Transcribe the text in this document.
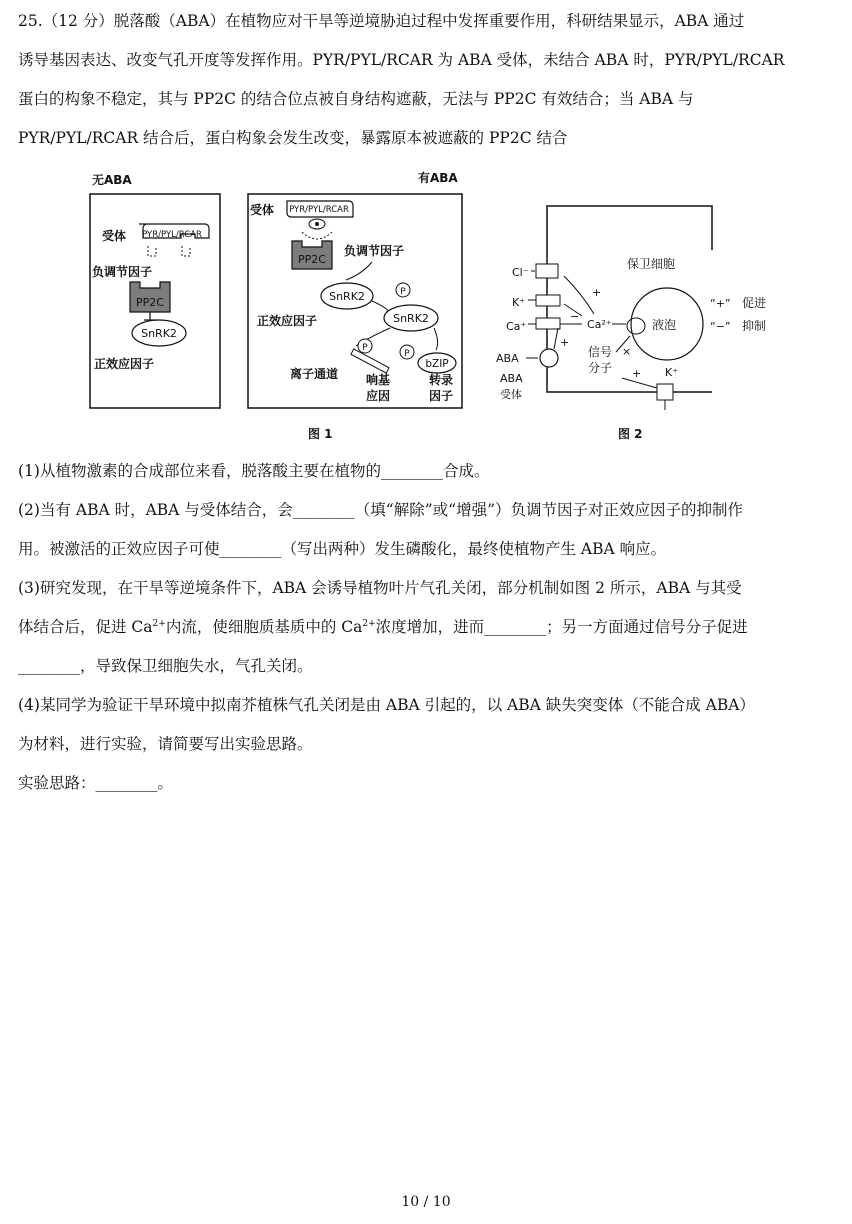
25.（12 分）脱落酸（ABA）在植物应对干旱等逆境胁迫过程中发挥重要作用，科研结果显示，ABA 通过
诱导基因表达、改变气孔开度等发挥作用。PYR/PYL/RCAR 为 ABA 受体，未结合 ABA 时，PYR/PYL/RCAR
蛋白的构象不稳定，其与 PP2C 的结合位点被自身结构遮蔽，无法与 PP2C 有效结合；当 ABA 与
PYR/PYL/RCAR 结合后，蛋白构象会发生改变，暴露原本被遮蔽的 PP2C 结合
无ABA
受体 PYR/PYL/RCAR
负调节因子
PP2C
SnRK2
正效应因子
有ABA
受体 PYR/PYL/RCAR
PP2C
负调节因子
SnRK2	P
SnRK2
正效应因子
P
离子通道
P
bZIP
响基
应因
转录
因子
图 1
保卫细胞
Cl⁻
K⁺
Ca⁺	Ca²⁺
+
−
液泡
ABA
ABA
受体
+
信号
分子
×
+ K⁺
“+” 促进
“−” 抑制
图 2
(1)从植物激素的合成部位来看，脱落酸主要在植物的________合成。
(2)当有 ABA 时，ABA 与受体结合，会________（填“解除”或“增强”）负调节因子对正效应因子的抑制作
用。被激活的正效应因子可使________（写出两种）发生磷酸化，最终使植物产生 ABA 响应。
(3)研究发现，在干旱等逆境条件下，ABA 会诱导植物叶片气孔关闭，部分机制如图 2 所示，ABA 与其受
体结合后，促进 $Ca^{2+}$内流，使细胞质基质中的 $Ca^{2+}$浓度增加，进而________；另一方面通过信号分子促进
________，导致保卫细胞失水，气孔关闭。
(4)某同学为验证干旱环境中拟南芥植株气孔关闭是由 ABA 引起的，以 ABA 缺失突变体（不能合成 ABA）
为材料，进行实验，请简要写出实验思路。
实验思路：________。
10 / 10
